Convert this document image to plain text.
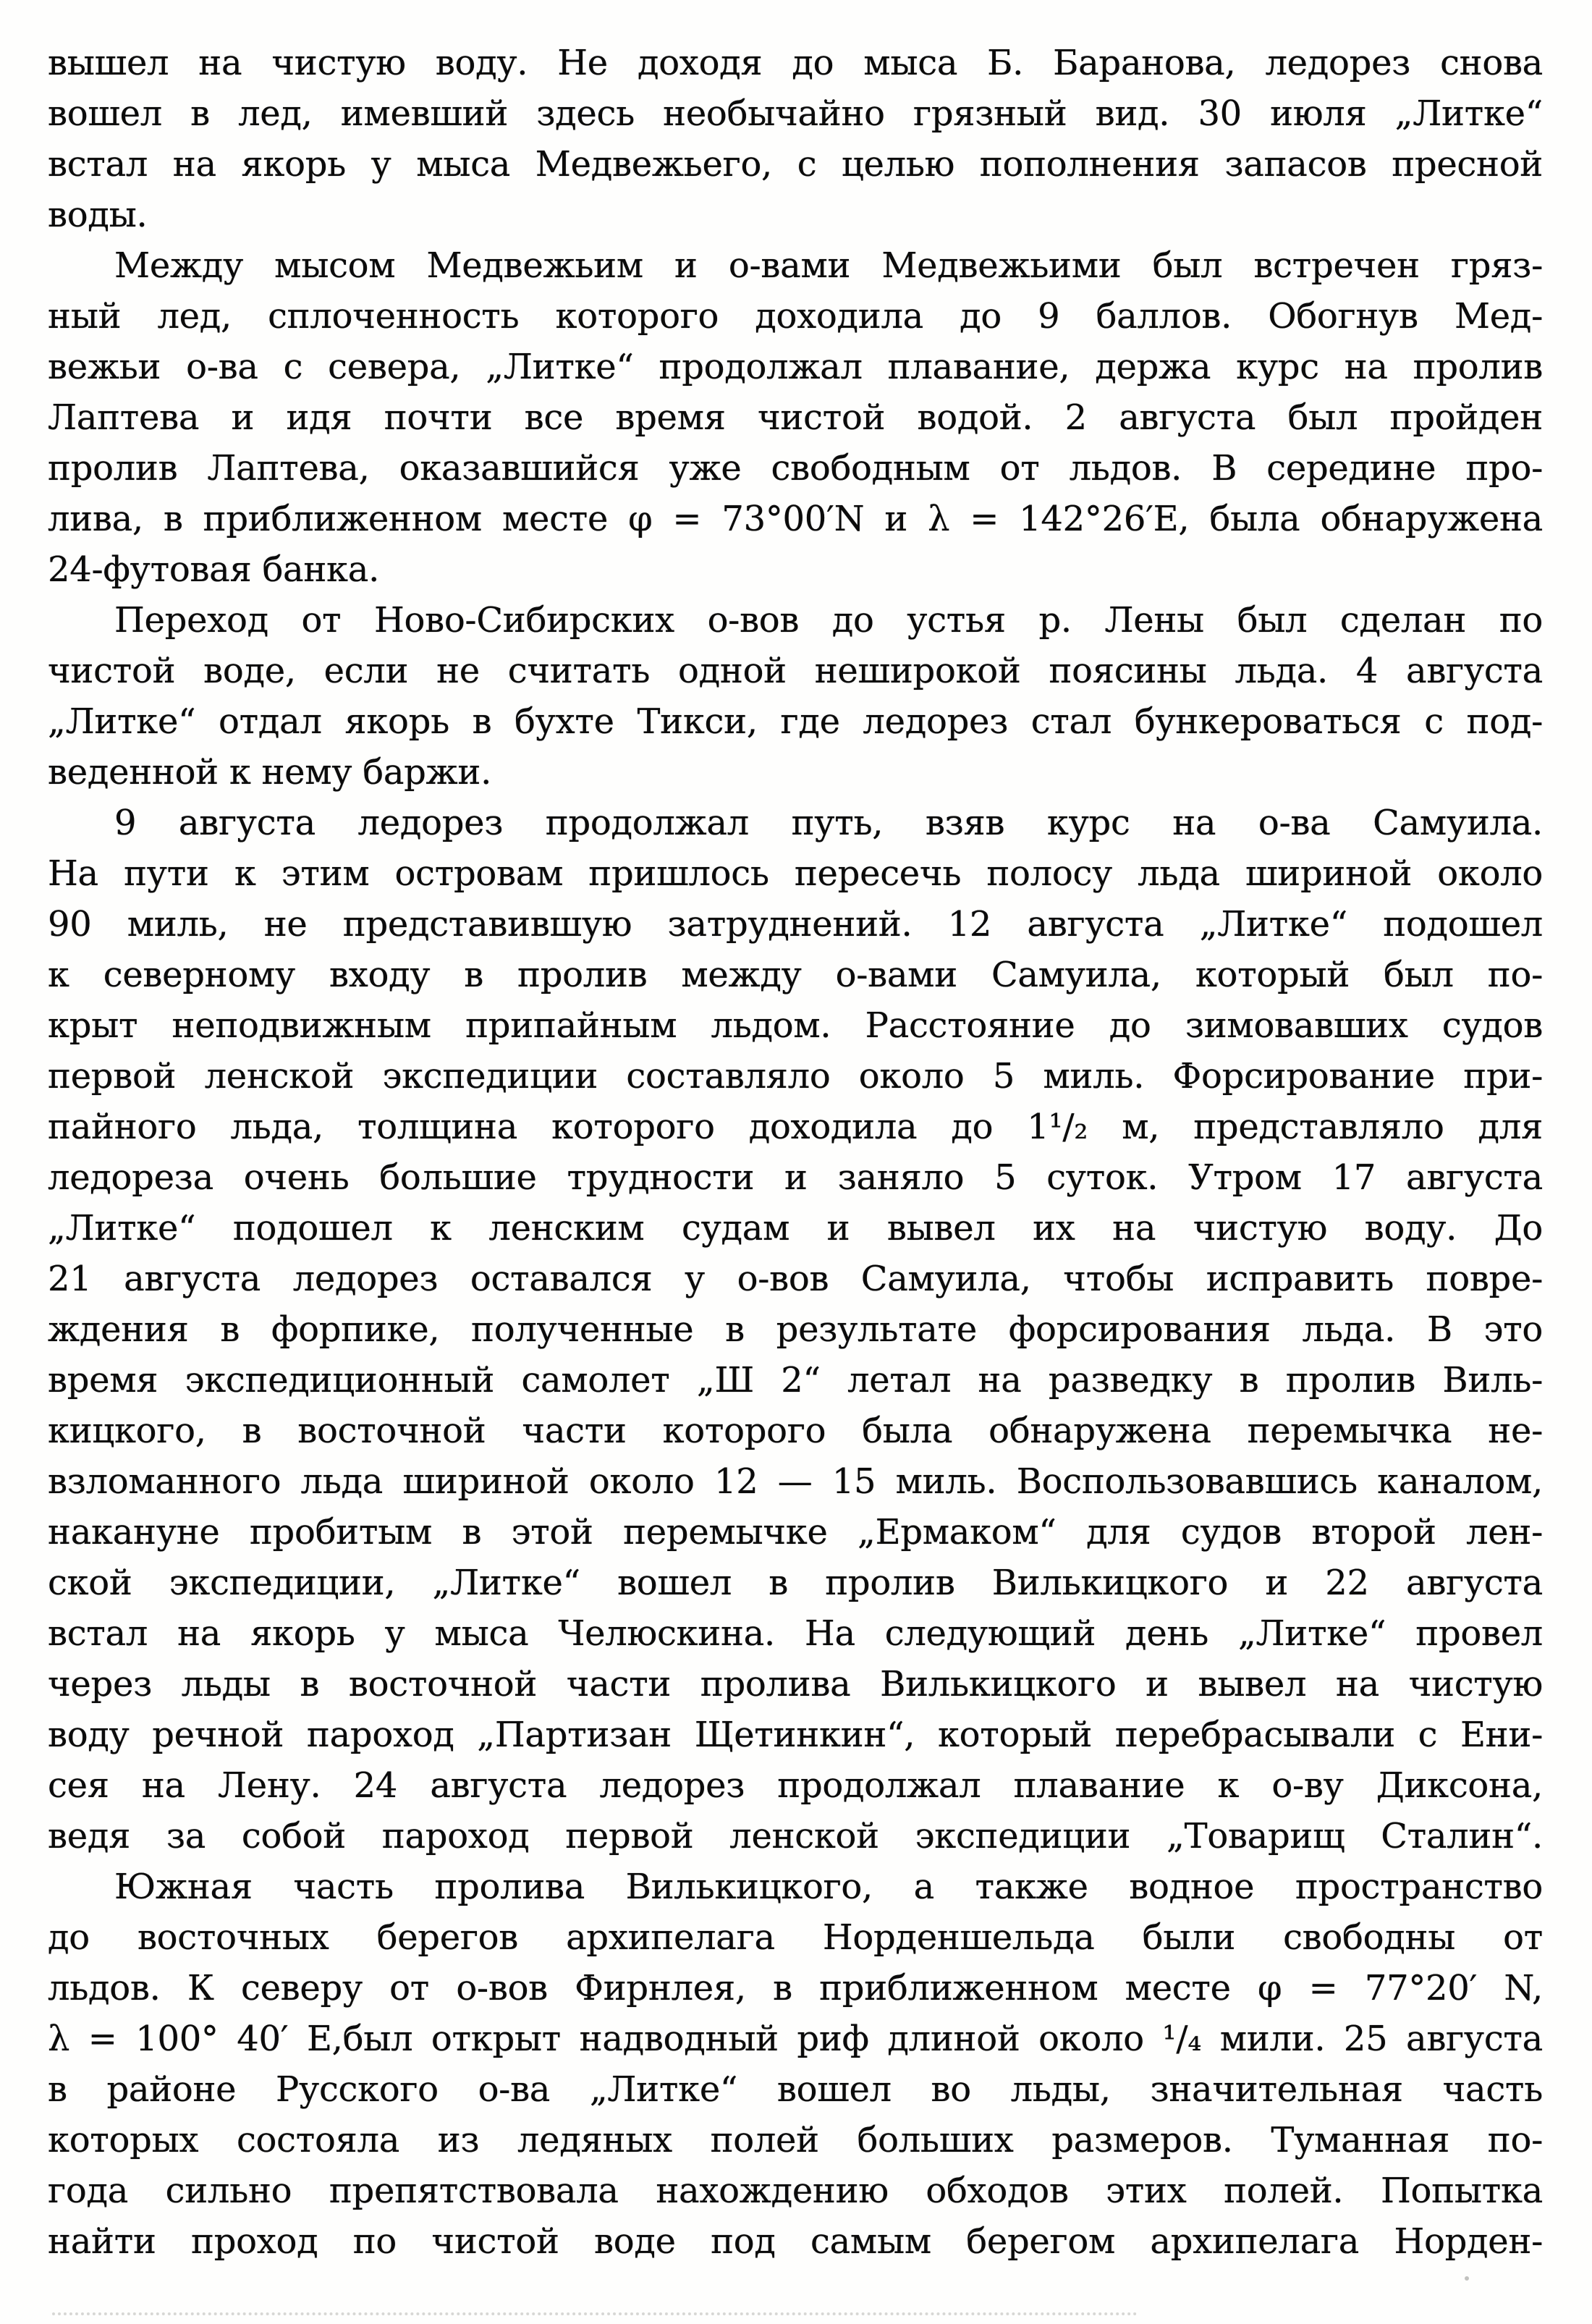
вышел на чистую воду. Не доходя до мыса Б. Баранова, ледорез снова
вошел в лед, имевший здесь необычайно грязный вид. 30 июля „Литке“
встал на якорь у мыса Медвежьего, с целью пополнения запасов пресной
воды.
Между мысом Медвежьим и о-вами Медвежьими был встречен гряз-
ный лед, сплоченность которого доходила до 9 баллов. Обогнув Мед-
вежьи о-ва с севера, „Литке“ продолжал плавание, держа курс на пролив
Лаптева и идя почти все время чистой водой. 2 августа был пройден
пролив Лаптева, оказавшийся уже свободным от льдов. В середине про-
лива, в приближенном месте φ = 73°00′N и λ = 142°26′E, была обнаружена
24-футовая банка.
Переход от Ново-Сибирских о-вов до устья р. Лены был сделан по
чистой воде, если не считать одной неширокой поясины льда. 4 августа
„Литке“ отдал якорь в бухте Тикси, где ледорез стал бункероваться с под-
веденной к нему баржи.
9 августа ледорез продолжал путь, взяв курс на о-ва Самуила.
На пути к этим островам пришлось пересечь полосу льда шириной около
90 миль, не представившую затруднений. 12 августа „Литке“ подошел
к северному входу в пролив между о-вами Самуила, который был по-
крыт неподвижным припайным льдом. Расстояние до зимовавших судов
первой ленской экспедиции составляло около 5 миль. Форсирование при-
пайного льда, толщина которого доходила до 1¹/₂ м, представляло для
ледореза очень большие трудности и заняло 5 суток. Утром 17 августа
„Литке“ подошел к ленским судам и вывел их на чистую воду. До
21 августа ледорез оставался у о-вов Самуила, чтобы исправить повре-
ждения в форпике, полученные в результате форсирования льда. В это
время экспедиционный самолет „Ш 2“ летал на разведку в пролив Виль-
кицкого, в восточной части которого была обнаружена перемычка не-
взломанного льда шириной около 12 — 15 миль. Воспользовавшись каналом,
накануне пробитым в этой перемычке „Ермаком“ для судов второй лен-
ской экспедиции, „Литке“ вошел в пролив Вилькицкого и 22 августа
встал на якорь у мыса Челюскина. На следующий день „Литке“ провел
через льды в восточной части пролива Вилькицкого и вывел на чистую
воду речной пароход „Партизан Щетинкин“, который перебрасывали с Ени-
сея на Лену. 24 августа ледорез продолжал плавание к о-ву Диксона,
ведя за собой пароход первой ленской экспедиции „Товарищ Сталин“.
Южная часть пролива Вилькицкого, а также водное пространство
до восточных берегов архипелага Норденшельда были свободны от
льдов. К северу от о-вов Фирнлея, в приближенном месте φ = 77°20′ N,
λ = 100° 40′ Е,был открыт надводный риф длиной около ¹/₄ мили. 25 августа
в районе Русского о-ва „Литке“ вошел во льды, значительная часть
которых состояла из ледяных полей больших размеров. Туманная по-
года сильно препятствовала нахождению обходов этих полей. Попытка
найти проход по чистой воде под самым берегом архипелага Норден-
